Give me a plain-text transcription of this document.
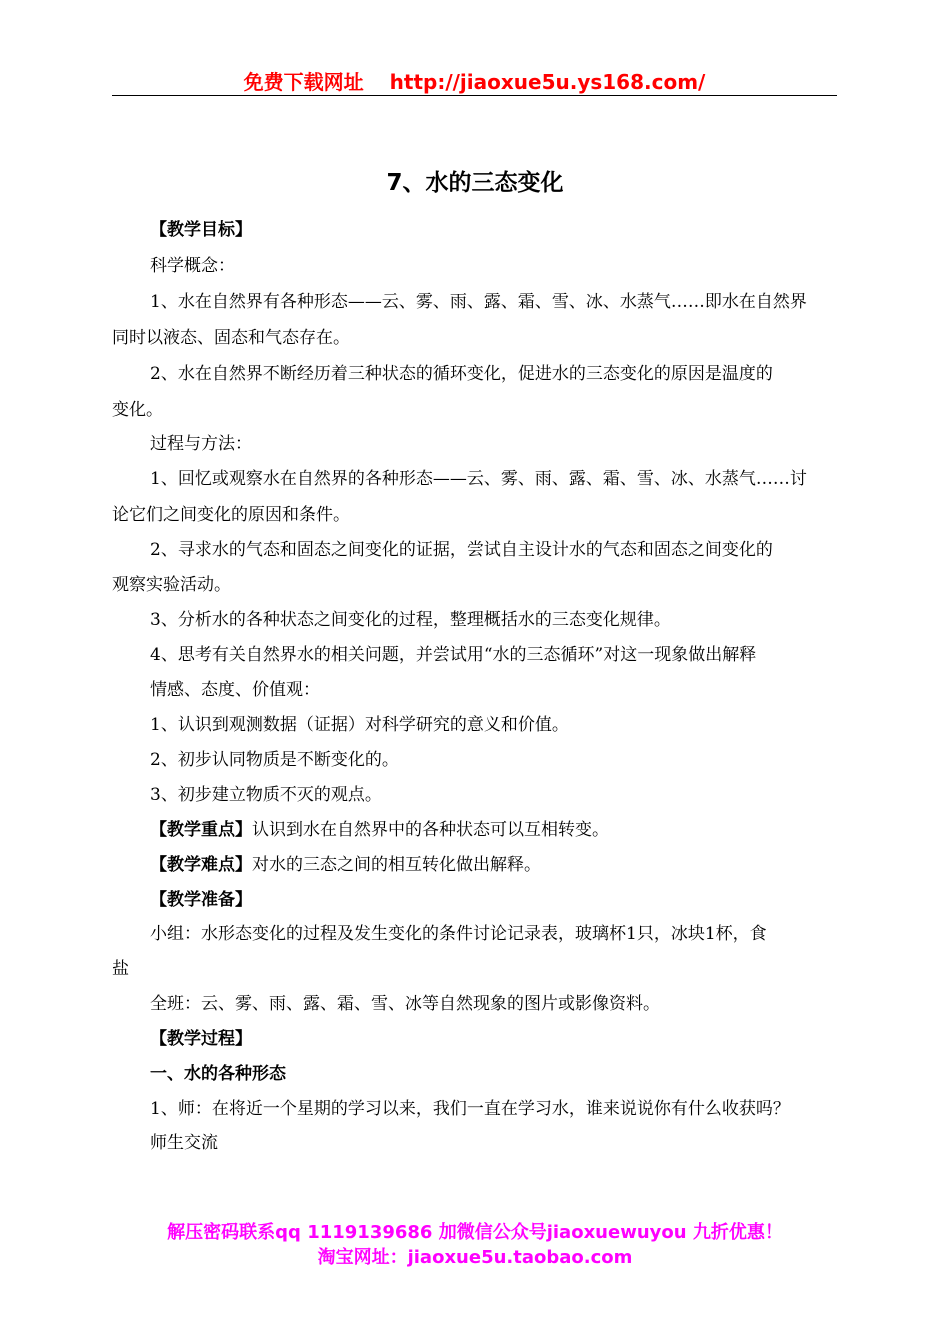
免费下载网址 http://jiaoxue5u.ys168.com/
7、水的三态变化
【教学目标】
科学概念：
1、水在自然界有各种形态——云、雾、雨、露、霜、雪、冰、水蒸气……即水在自然界
同时以液态、固态和气态存在。
2、水在自然界不断经历着三种状态的循环变化，促进水的三态变化的原因是温度的
变化。
过程与方法：
1、回忆或观察水在自然界的各种形态——云、雾、雨、露、霜、雪、冰、水蒸气……讨
论它们之间变化的原因和条件。
2、寻求水的气态和固态之间变化的证据，尝试自主设计水的气态和固态之间变化的
观察实验活动。
3、分析水的各种状态之间变化的过程，整理概括水的三态变化规律。
4、思考有关自然界水的相关问题，并尝试用“水的三态循环”对这一现象做出解释
情感、态度、价值观：
1、认识到观测数据（证据）对科学研究的意义和价值。
2、初步认同物质是不断变化的。
3、初步建立物质不灭的观点。
【教学重点】认识到水在自然界中的各种状态可以互相转变。
【教学难点】对水的三态之间的相互转化做出解释。
【教学准备】
小组：水形态变化的过程及发生变化的条件讨论记录表，玻璃杯1只，冰块1杯，食
盐
全班：云、雾、雨、露、霜、雪、冰等自然现象的图片或影像资料。
【教学过程】
一、水的各种形态
1、师：在将近一个星期的学习以来，我们一直在学习水，谁来说说你有什么收获吗？
师生交流
解压密码联系qq 1119139686 加微信公众号jiaoxuewuyou 九折优惠！
淘宝网址：jiaoxue5u.taobao.com
